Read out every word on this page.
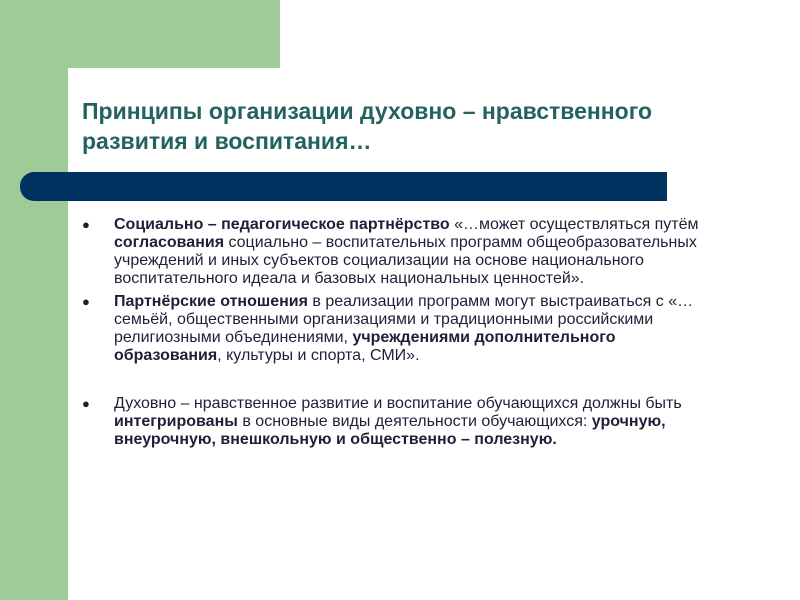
Принципы организации духовно – нравственного
развития и воспитания…
●	Социально – педагогическое партнёрство «…может осуществляться путём согласования социально – воспитательных программ общеобразовательных учреждений и иных субъектов социализации на основе национального воспитательного идеала и базовых национальных ценностей».
●	Партнёрские отношения в реализации программ могут выстраиваться с «…семьёй, общественными организациями и традиционными российскими религиозными объединениями, учреждениями дополнительного образования, культуры и спорта, СМИ».
●	Духовно – нравственное развитие и воспитание обучающихся должны быть интегрированы в основные виды деятельности обучающихся: урочную, внеурочную, внешкольную и общественно – полезную.
